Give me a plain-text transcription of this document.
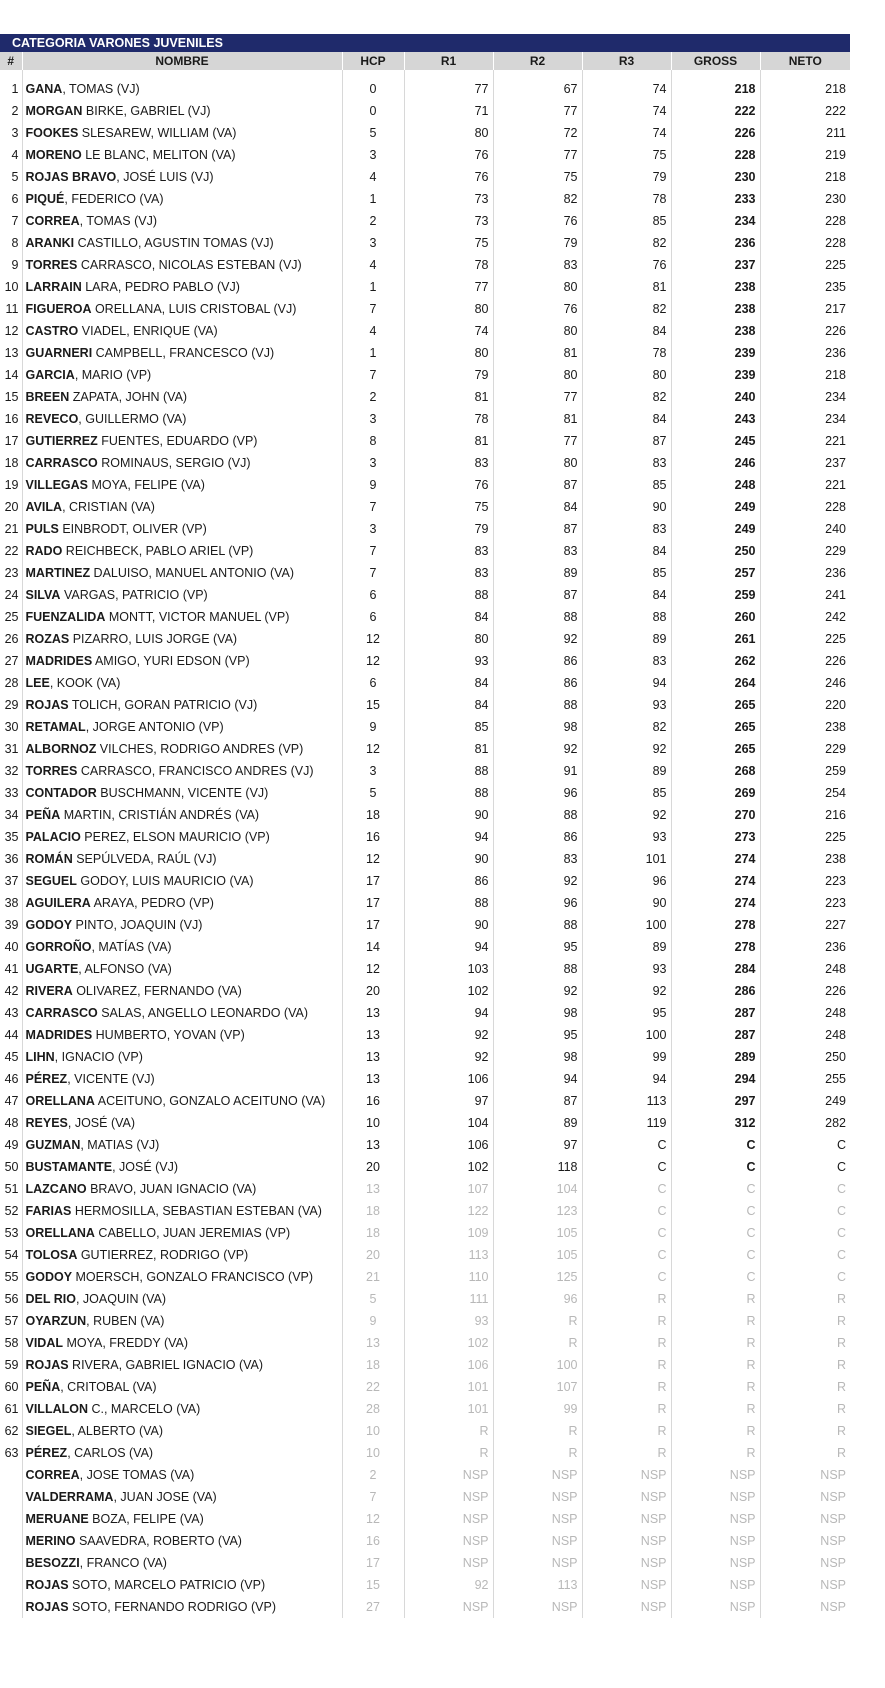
CATEGORIA VARONES JUVENILES
#	NOMBRE	HCP	R1	R2	R3	GROSS	NETO

1	GANA, TOMAS (VJ)	0	77	67	74	218	218
2	MORGAN BIRKE, GABRIEL (VJ)	0	71	77	74	222	222
3	FOOKES SLESAREW, WILLIAM (VA)	5	80	72	74	226	211
4	MORENO LE BLANC, MELITON (VA)	3	76	77	75	228	219
5	ROJAS BRAVO, JOSÉ LUIS (VJ)	4	76	75	79	230	218
6	PIQUÉ, FEDERICO (VA)	1	73	82	78	233	230
7	CORREA, TOMAS (VJ)	2	73	76	85	234	228
8	ARANKI CASTILLO, AGUSTIN TOMAS (VJ)	3	75	79	82	236	228
9	TORRES CARRASCO, NICOLAS ESTEBAN (VJ)	4	78	83	76	237	225
10	LARRAIN LARA, PEDRO PABLO (VJ)	1	77	80	81	238	235
11	FIGUEROA ORELLANA, LUIS CRISTOBAL (VJ)	7	80	76	82	238	217
12	CASTRO VIADEL, ENRIQUE (VA)	4	74	80	84	238	226
13	GUARNERI CAMPBELL, FRANCESCO (VJ)	1	80	81	78	239	236
14	GARCIA, MARIO (VP)	7	79	80	80	239	218
15	BREEN ZAPATA, JOHN (VA)	2	81	77	82	240	234
16	REVECO, GUILLERMO (VA)	3	78	81	84	243	234
17	GUTIERREZ FUENTES, EDUARDO (VP)	8	81	77	87	245	221
18	CARRASCO ROMINAUS, SERGIO (VJ)	3	83	80	83	246	237
19	VILLEGAS MOYA, FELIPE (VA)	9	76	87	85	248	221
20	AVILA, CRISTIAN (VA)	7	75	84	90	249	228
21	PULS EINBRODT, OLIVER (VP)	3	79	87	83	249	240
22	RADO REICHBECK, PABLO ARIEL (VP)	7	83	83	84	250	229
23	MARTINEZ DALUISO, MANUEL ANTONIO (VA)	7	83	89	85	257	236
24	SILVA VARGAS, PATRICIO (VP)	6	88	87	84	259	241
25	FUENZALIDA MONTT, VICTOR MANUEL (VP)	6	84	88	88	260	242
26	ROZAS PIZARRO, LUIS JORGE (VA)	12	80	92	89	261	225
27	MADRIDES AMIGO, YURI EDSON (VP)	12	93	86	83	262	226
28	LEE, KOOK (VA)	6	84	86	94	264	246
29	ROJAS TOLICH, GORAN PATRICIO (VJ)	15	84	88	93	265	220
30	RETAMAL, JORGE ANTONIO (VP)	9	85	98	82	265	238
31	ALBORNOZ VILCHES, RODRIGO ANDRES (VP)	12	81	92	92	265	229
32	TORRES CARRASCO, FRANCISCO ANDRES (VJ)	3	88	91	89	268	259
33	CONTADOR BUSCHMANN, VICENTE (VJ)	5	88	96	85	269	254
34	PEÑA MARTIN, CRISTIÁN ANDRÉS (VA)	18	90	88	92	270	216
35	PALACIO PEREZ, ELSON MAURICIO (VP)	16	94	86	93	273	225
36	ROMÁN SEPÚLVEDA, RAÚL (VJ)	12	90	83	101	274	238
37	SEGUEL GODOY, LUIS MAURICIO (VA)	17	86	92	96	274	223
38	AGUILERA ARAYA, PEDRO (VP)	17	88	96	90	274	223
39	GODOY PINTO, JOAQUIN (VJ)	17	90	88	100	278	227
40	GORROÑO, MATÍAS (VA)	14	94	95	89	278	236
41	UGARTE, ALFONSO (VA)	12	103	88	93	284	248
42	RIVERA OLIVAREZ, FERNANDO (VA)	20	102	92	92	286	226
43	CARRASCO SALAS, ANGELLO LEONARDO (VA)	13	94	98	95	287	248
44	MADRIDES HUMBERTO, YOVAN (VP)	13	92	95	100	287	248
45	LIHN, IGNACIO (VP)	13	92	98	99	289	250
46	PÉREZ, VICENTE (VJ)	13	106	94	94	294	255
47	ORELLANA ACEITUNO, GONZALO ACEITUNO (VA)	16	97	87	113	297	249
48	REYES, JOSÉ (VA)	10	104	89	119	312	282
49	GUZMAN, MATIAS (VJ)	13	106	97	C	C	C
50	BUSTAMANTE, JOSÉ (VJ)	20	102	118	C	C	C
51	LAZCANO BRAVO, JUAN IGNACIO (VA)	13	107	104	C	C	C
52	FARIAS HERMOSILLA, SEBASTIAN ESTEBAN (VA)	18	122	123	C	C	C
53	ORELLANA CABELLO, JUAN JEREMIAS (VP)	18	109	105	C	C	C
54	TOLOSA GUTIERREZ, RODRIGO (VP)	20	113	105	C	C	C
55	GODOY MOERSCH, GONZALO FRANCISCO (VP)	21	110	125	C	C	C
56	DEL RIO, JOAQUIN (VA)	5	111	96	R	R	R
57	OYARZUN, RUBEN (VA)	9	93	R	R	R	R
58	VIDAL MOYA, FREDDY (VA)	13	102	R	R	R	R
59	ROJAS RIVERA, GABRIEL IGNACIO (VA)	18	106	100	R	R	R
60	PEÑA, CRITOBAL (VA)	22	101	107	R	R	R
61	VILLALON C., MARCELO (VA)	28	101	99	R	R	R
62	SIEGEL, ALBERTO (VA)	10	R	R	R	R	R
63	PÉREZ, CARLOS (VA)	10	R	R	R	R	R
	CORREA, JOSE TOMAS (VA)	2	NSP	NSP	NSP	NSP	NSP
	VALDERRAMA, JUAN JOSE (VA)	7	NSP	NSP	NSP	NSP	NSP
	MERUANE BOZA, FELIPE (VA)	12	NSP	NSP	NSP	NSP	NSP
	MERINO SAAVEDRA, ROBERTO (VA)	16	NSP	NSP	NSP	NSP	NSP
	BESOZZI, FRANCO (VA)	17	NSP	NSP	NSP	NSP	NSP
	ROJAS SOTO, MARCELO PATRICIO (VP)	15	92	113	NSP	NSP	NSP
	ROJAS SOTO, FERNANDO RODRIGO (VP)	27	NSP	NSP	NSP	NSP	NSP
